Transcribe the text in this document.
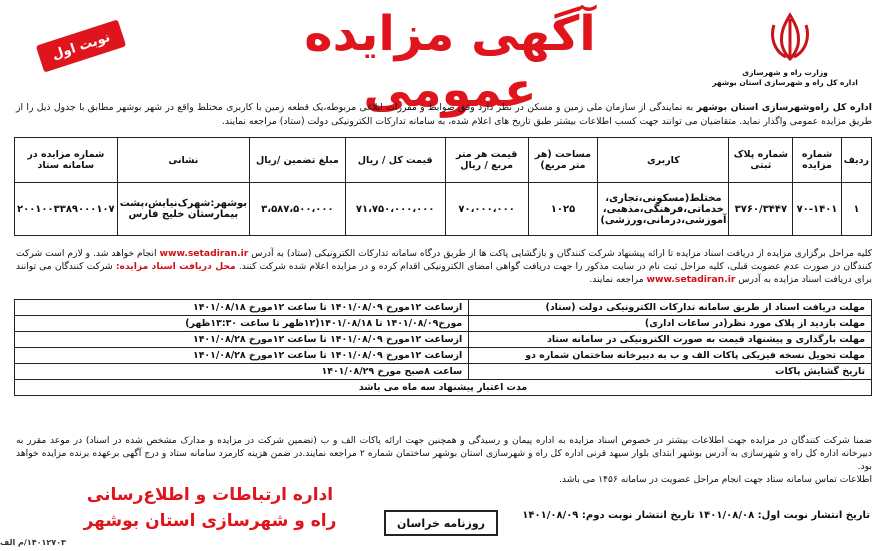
وزارت راه و شهرسازی
اداره کل راه و شهرسازی استان بوشهر
آگهی مزایده عمومی
نوبت اول
اداره کل راه‌وشهرسازی استان بوشهر به نمایندگی از سازمان ملی زمین و مسکن در نظر دارد وفق ضوابط و مقررات ابلاغی مربوطه،یک قطعه زمین با کاربری مختلط واقع در شهر بوشهر مطابق با جدول ذیل را از طریق مزایده عمومی واگذار نماید. متقاضیان می توانند جهت کسب اطلاعات بیشتر طبق تاریخ های اعلام شده، به سامانه تدارکات الکترونیکی دولت (ستاد) مراجعه نمایند.
ردیف	شماره مزایده	شماره پلاک ثبتی	کاربری	مساحت (هر متر مربع)	قیمت هر متر مربع / ریال	قیمت کل / ریال	مبلغ تضمین /ریال	نشانی	شماره مزایده در سامانه ستاد
۱	۷۰-۱۴۰۱	۳۷۶۰/۳۴۴۷	مختلط(مسکونی،تجاری، خدماتی،فرهنگی،مذهبی، آموزشی،درمانی،ورزشی)	۱۰۲۵	۷۰،۰۰۰،۰۰۰	۷۱،۷۵۰،۰۰۰،۰۰۰	۳،۵۸۷،۵۰۰،۰۰۰	بوشهر:شهرک‌نیایش،پشت بیمارستان خلیج فارس	۲۰۰۱۰۰۳۳۸۹۰۰۰۱۰۷
کلیه مراحل برگزاری مزایده از دریافت اسناد مزایده تا ارائه پیشنهاد شرکت کنندگان و بازگشایی پاکت ها از طریق درگاه سامانه تدارکات الکترونیکی (ستاد) به آدرس www.setadiran.ir انجام خواهد شد. و لازم است شرکت کنندگان در صورت عدم عضویت قبلی، کلیه مراحل ثبت نام در سایت مذکور را جهت دریافت گواهی امضای الکترونیکی اقدام کرده و در مزایده اعلام شده شرکت کنند. محل دریافت اسناد مزایده: شرکت کنندگان می توانند برای دریافت اسناد مزایده به آدرس www.setadiran.ir مراجعه نمایند.
مهلت دریافت اسناد از طریق سامانه تدارکات الکترونیکی دولت (ستاد)	ازساعت ۱۲مورخ ۱۴۰۱/۰۸/۰۹ تا ساعت ۱۲مورخ ۱۴۰۱/۰۸/۱۸
مهلت بازدید از پلاک مورد نظر(در ساعات اداری)	مورخ۱۴۰۱/۰۸/۰۹ تا ۱۴۰۱/۰۸/۱۸(۱۲ظهر تا ساعت ۱۳:۳۰ظهر)
مهلت بارگذاری و پیشنهاد قیمت به صورت الکترونیکی در سامانه ستاد	ازساعت ۱۲مورخ ۱۴۰۱/۰۸/۰۹ تا ساعت ۱۲مورخ ۱۴۰۱/۰۸/۲۸
مهلت تحویل نسخه فیزیکی پاکات الف و ب به دبیرخانه ساختمان شماره دو	ازساعت ۱۲مورخ ۱۴۰۱/۰۸/۰۹ تا ساعت ۱۲مورخ ۱۴۰۱/۰۸/۲۸
تاریخ گشایش پاکات	ساعت ۸صبح مورخ ۱۴۰۱/۰۸/۲۹
مدت اعتبار پیشنهاد سه ماه می باشد	
ضمنا شرکت کنندگان در مزایده جهت اطلاعات بیشتر در خصوص اسناد مزایده به اداره پیمان و رسیدگی و همچنین جهت ارائه پاکات الف و ب (تضمین شرکت در مزایده و مدارک مشخص شده در اسناد) در موعد مقرر به دبیرخانه اداره کل راه و شهرسازی به آدرس بوشهر ابتدای بلوار سیهد قرنی اداره کل راه و شهرسازی استان بوشهر ساختمان شماره ۲ مراجعه نمایند.در ضمن هزینه کارمزد سامانه ستاد و درج آگهی برعهده برنده مزایده خواهد بود.
اطلاعات تماس سامانه ستاد جهت انجام مراحل عضویت در سامانه ۱۴۵۶ می باشد.
تاریخ انتشار نوبت اول: ۱۴۰۱/۰۸/۰۸ تاریخ انتشار نوبت دوم: ۱۴۰۱/۰۸/۰۹
روزنامه خراسان
اداره ارتباطات و اطلاع‌رسانی
راه و شهرسازی استان بوشهر
۱۴۰۱۲۷۰۳/م الف
